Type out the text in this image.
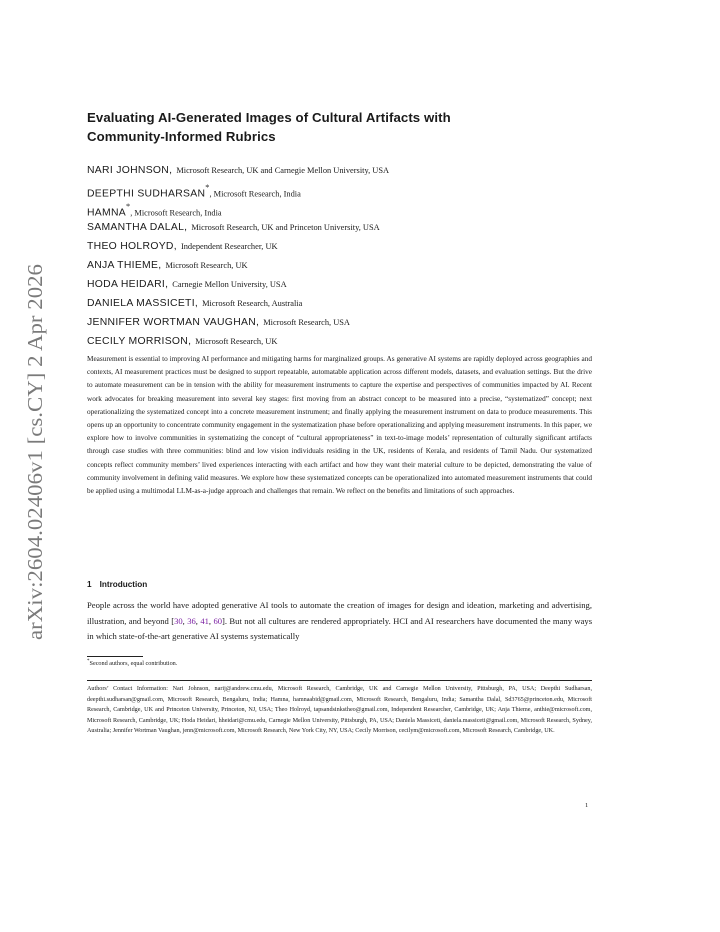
arXiv:2604.02406v1 [cs.CY] 2 Apr 2026
Evaluating AI-Generated Images of Cultural Artifacts with
Community-Informed Rubrics
NARI JOHNSON, Microsoft Research, UK and Carnegie Mellon University, USA
DEEPTHI SUDHARSAN*, Microsoft Research, India
HAMNA*, Microsoft Research, India
SAMANTHA DALAL, Microsoft Research, UK and Princeton University, USA
THEO HOLROYD, Independent Researcher, UK
ANJA THIEME, Microsoft Research, UK
HODA HEIDARI, Carnegie Mellon University, USA
DANIELA MASSICETI, Microsoft Research, Australia
JENNIFER WORTMAN VAUGHAN, Microsoft Research, USA
CECILY MORRISON, Microsoft Research, UK
Measurement is essential to improving AI performance and mitigating harms for marginalized groups. As generative AI systems are rapidly deployed across geographies and contexts, AI measurement practices must be designed to support repeatable, automatable application across different models, datasets, and evaluation settings. But the drive to automate measurement can be in tension with the ability for measurement instruments to capture the expertise and perspectives of communities impacted by AI. Recent work advocates for breaking measurement into several key stages: first moving from an abstract concept to be measured into a precise, “systematized” concept; next operationalizing the systematized concept into a concrete measurement instrument; and finally applying the measurement instrument on data to produce measurements. This opens up an opportunity to concentrate community engagement in the systematization phase before operationalizing and applying measurement instruments. In this paper, we explore how to involve communities in systematizing the concept of “cultural appropriateness” in text-to-image models’ representation of culturally significant artifacts through case studies with three communities: blind and low vision individuals residing in the UK, residents of Kerala, and residents of Tamil Nadu. Our systematized concepts reflect community members’ lived experiences interacting with each artifact and how they want their material culture to be depicted, demonstrating the value of community involvement in defining valid measures. We explore how these systematized concepts can be operationalized into automated measurement instruments that could be applied using a multimodal LLM-as-a-judge approach and challenges that remain. We reflect on the benefits and limitations of such approaches.
1 Introduction
People across the world have adopted generative AI tools to automate the creation of images for design and ideation, marketing and advertising, illustration, and beyond [30, 36, 41, 60]. But not all cultures are rendered appropriately. HCI and AI researchers have documented the many ways in which state-of-the-art generative AI systems systematically
*Second authors, equal contribution.
Authors’ Contact Information: Nari Johnson, narij@andrew.cmu.edu, Microsoft Research, Cambridge, UK and Carnegie Mellon University, Pittsburgh, PA, USA; Deepthi Sudharsan, deepthi.sudharsan@gmail.com, Microsoft Research, Bengaluru, India; Hamna, hamnaabid@gmail.com, Microsoft Research, Bengaluru, India; Samantha Dalal, Sd3765@princeton.edu, Microsoft Research, Cambridge, UK and Princeton University, Princeton, NJ, USA; Theo Holroyd, tapsandsinkstheo@gmail.com, Independent Researcher, Cambridge, UK; Anja Thieme, anthie@microsoft.com, Microsoft Research, Cambridge, UK; Hoda Heidari, hheidari@cmu.edu, Carnegie Mellon University, Pittsburgh, PA, USA; Daniela Massiceti, daniela.massiceti@gmail.com, Microsoft Research, Sydney, Australia; Jennifer Wortman Vaughan, jenn@microsoft.com, Microsoft Research, New York City, NY, USA; Cecily Morrison, cecilym@microsoft.com, Microsoft Research, Cambridge, UK.
1
